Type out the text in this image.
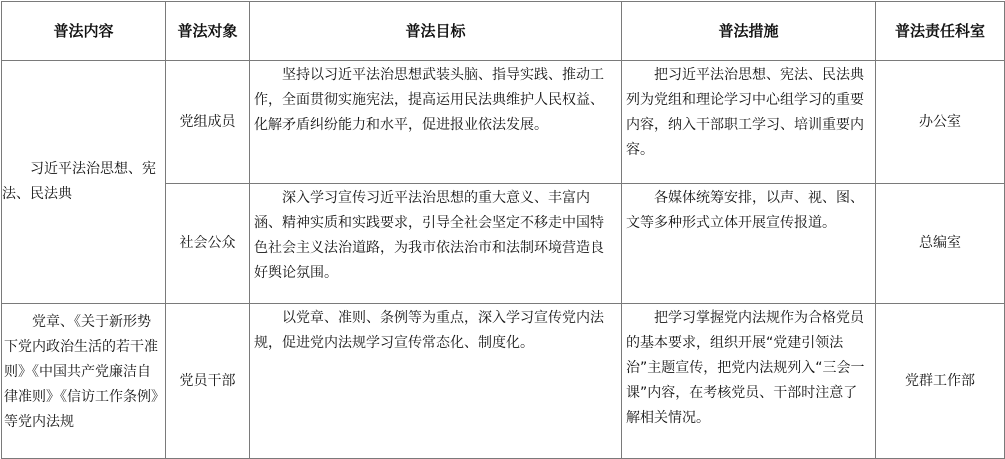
普法内容	普法对象	普法目标	普法措施	普法责任科室
习近平法治思想、宪法、民法典	党组成员	坚持以习近平法治思想武装头脑、指导实践、推动工作，全面贯彻实施宪法，提高运用民法典维护人民权益、化解矛盾纠纷能力和水平，促进报业依法发展。	把习近平法治思想、宪法、民法典列为党组和理论学习中心组学习的重要内容，纳入干部职工学习、培训重要内容。	办公室
	社会公众	深入学习宣传习近平法治思想的重大意义、丰富内涵、精神实质和实践要求，引导全社会坚定不移走中国特色社会主义法治道路，为我市依法治市和法制环境营造良好舆论氛围。	各媒体统筹安排，以声、视、图、文等多种形式立体开展宣传报道。	总编室
党章、《关于新形势下党内政治生活的若干准则》《中国共产党廉洁自律准则》《信访工作条例》等党内法规	党员干部	以党章、准则、条例等为重点，深入学习宣传党内法规，促进党内法规学习宣传常态化、制度化。	把学习掌握党内法规作为合格党员的基本要求，组织开展“党建引领法治”主题宣传，把党内法规列入“三会一课”内容，在考核党员、干部时注意了解相关情况。	党群工作部
